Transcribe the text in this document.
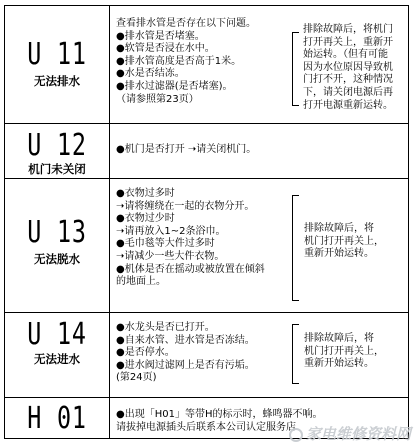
U 11
无法排水
查看排水管是否存在以下问题。
●排水管是否堵塞。
●软管是否浸在水中。
●排水管高度是否高于1米。
●水是否结冻。
●排水过滤器(是否堵塞)。
（请参照第23页）
排除故障后，将机门
打开再关上，重新开
始运转。（但有可能
因为水位原因导致机
门打不开，这种情况
下，请关闭电源后再
打开电源重新运转。
U 12
机门未关闭
●机门是否打开 ➝请关闭机门。
U 13
无法脱水
●衣物过多时
➝请将缠绕在一起的衣物分开。
●衣物过少时
➝请再放入1~2条浴巾。
●毛巾毯等大件过多时
➝请减少一些大件衣物。
●机体是否在摇动或被放置在倾斜
的地面上。
排除故障后，将
机门打开再关上，
重新开始运转。
U 14
无法进水
●水龙头是否已打开。
●自来水管、进水管是否冻结。
●是否停水。
●进水阀过滤网上是否有污垢。
(第24页)
排除故障后，将
机门打开再关上，
重新开始运转。
H 01	●出现「H01」等带H的标示时，蜂鸣器不响。
请拔掉电源插头后联系本公司认定服务店 家电维修资料网
